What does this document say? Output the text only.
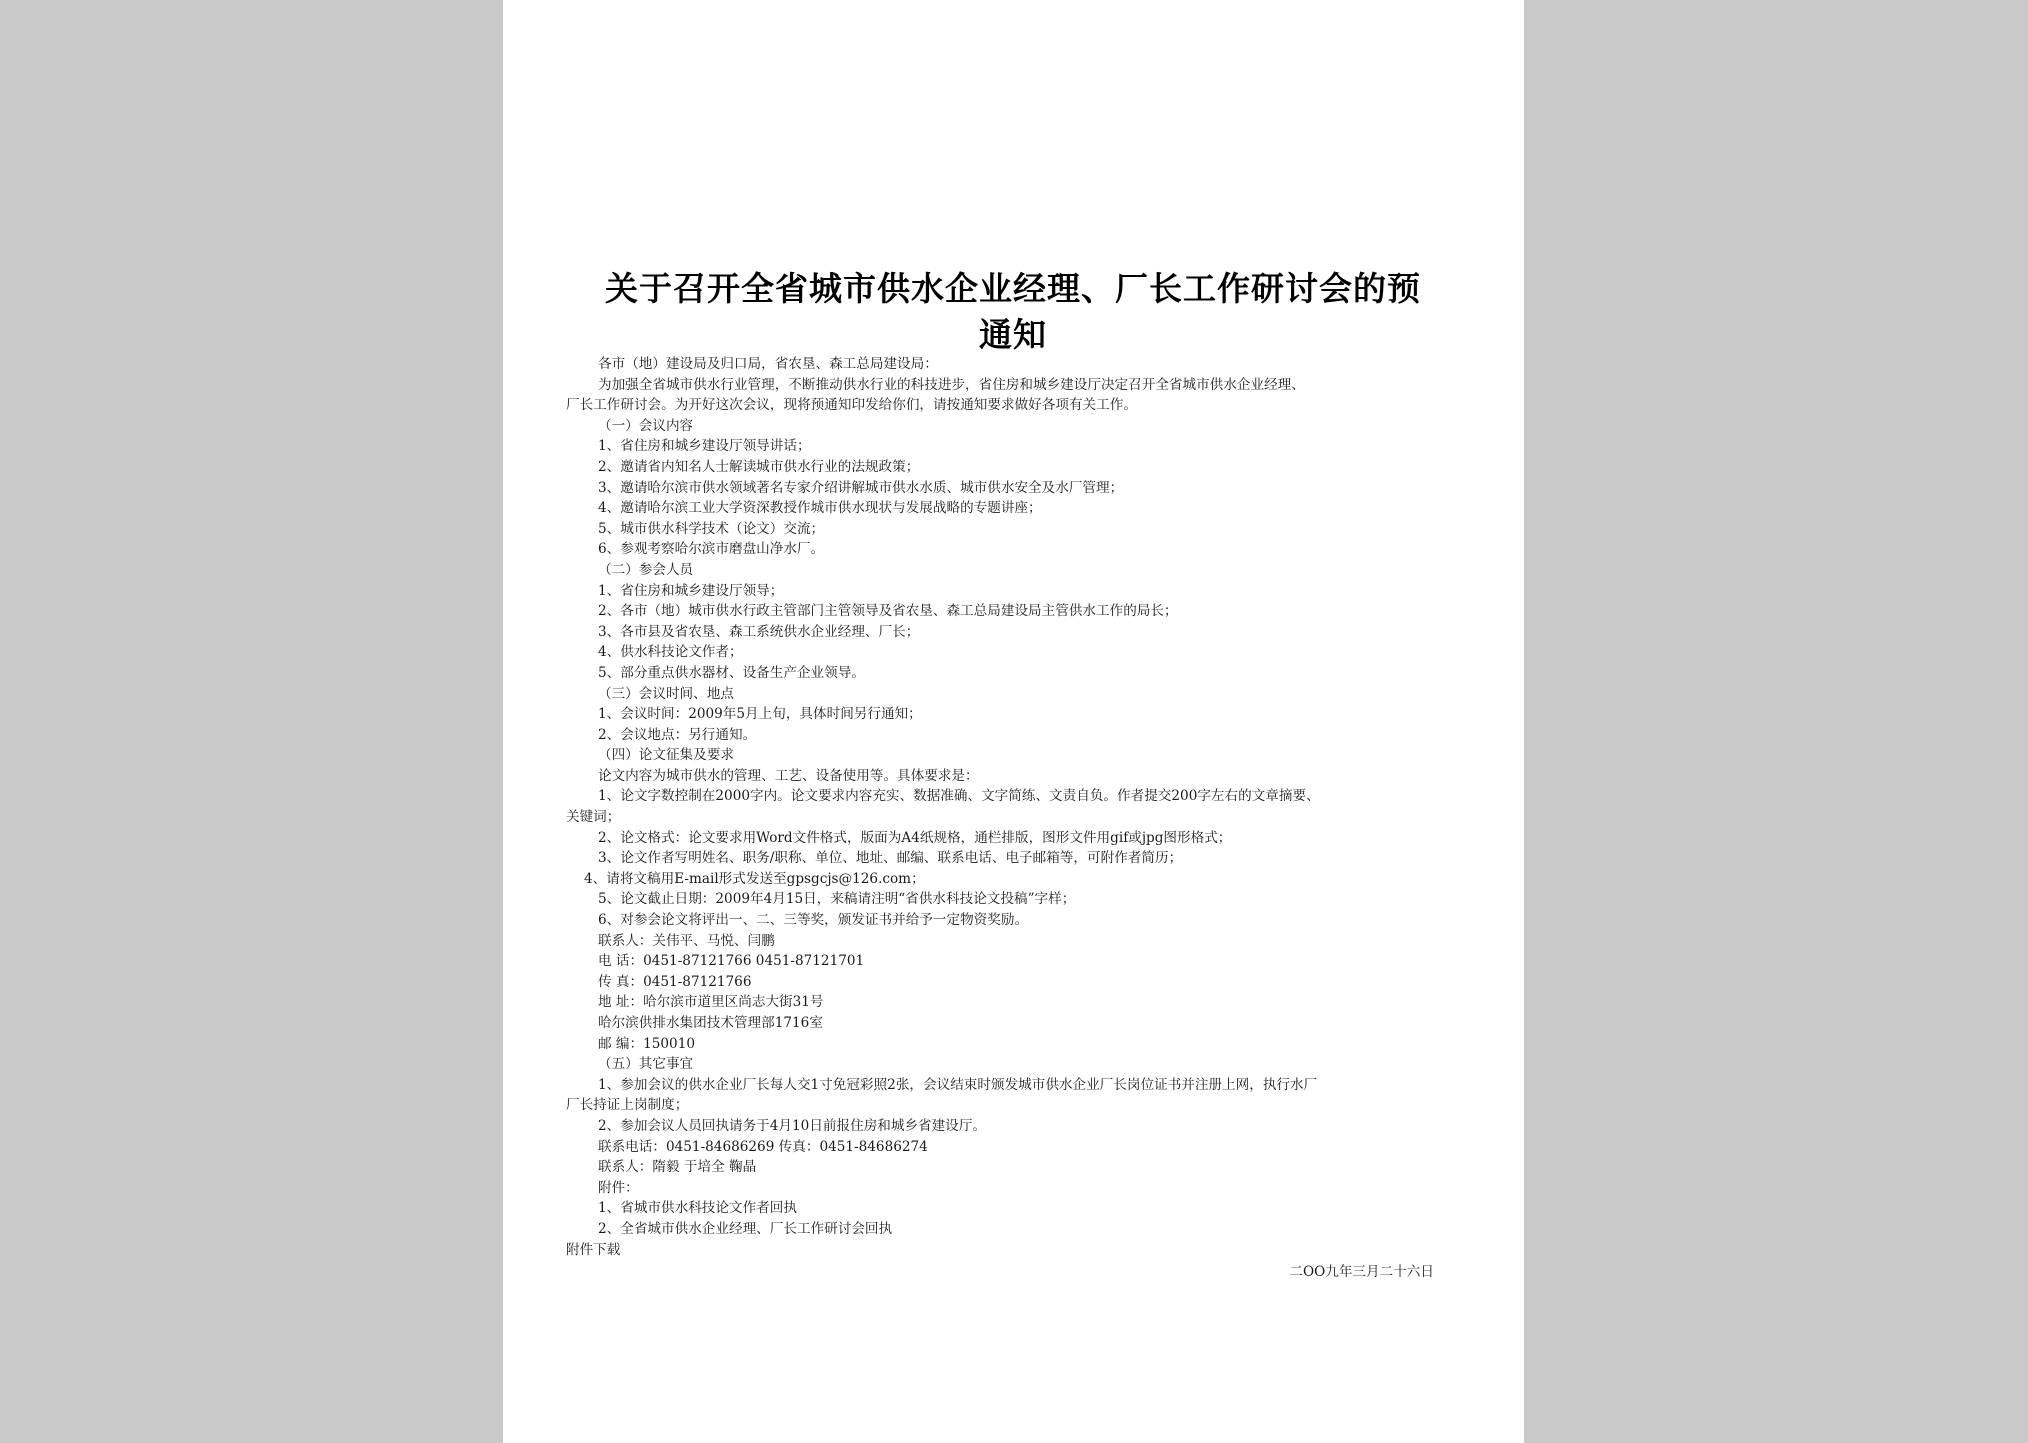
关于召开全省城市供水企业经理、厂长工作研讨会的预
通知
各市（地）建设局及归口局，省农垦、森工总局建设局：
为加强全省城市供水行业管理，不断推动供水行业的科技进步，省住房和城乡建设厅决定召开全省城市供水企业经理、
厂长工作研讨会。为开好这次会议，现将预通知印发给你们，请按通知要求做好各项有关工作。
（一）会议内容
1、省住房和城乡建设厅领导讲话；
2、邀请省内知名人士解读城市供水行业的法规政策；
3、邀请哈尔滨市供水领域著名专家介绍讲解城市供水水质、城市供水安全及水厂管理；
4、邀请哈尔滨工业大学资深教授作城市供水现状与发展战略的专题讲座；
5、城市供水科学技术（论文）交流；
6、参观考察哈尔滨市磨盘山净水厂。
（二）参会人员
1、省住房和城乡建设厅领导；
2、各市（地）城市供水行政主管部门主管领导及省农垦、森工总局建设局主管供水工作的局长；
3、各市县及省农垦、森工系统供水企业经理、厂长；
4、供水科技论文作者；
5、部分重点供水器材、设备生产企业领导。
（三）会议时间、地点
1、会议时间：2009年5月上旬，具体时间另行通知；
2、会议地点：另行通知。
（四）论文征集及要求
论文内容为城市供水的管理、工艺、设备使用等。具体要求是：
1、论文字数控制在2000字内。论文要求内容充实、数据准确、文字简练、文责自负。作者提交200字左右的文章摘要、
关键词；
2、论文格式：论文要求用Word文件格式，版面为A4纸规格，通栏排版，图形文件用gif或jpg图形格式；
3、论文作者写明姓名、职务/职称、单位、地址、邮编、联系电话、电子邮箱等，可附作者简历；
4、请将文稿用E-mail形式发送至gpsgcjs@126.com；
5、论文截止日期：2009年4月15日，来稿请注明“省供水科技论文投稿”字样；
6、对参会论文将评出一、二、三等奖，颁发证书并给予一定物资奖励。
联系人：关伟平、马悦、闫鹏
电 话：0451-87121766 0451-87121701
传 真：0451-87121766
地 址：哈尔滨市道里区尚志大街31号
哈尔滨供排水集团技术管理部1716室
邮 编：150010
（五）其它事宜
1、参加会议的供水企业厂长每人交1寸免冠彩照2张，会议结束时颁发城市供水企业厂长岗位证书并注册上网，执行水厂
厂长持证上岗制度；
2、参加会议人员回执请务于4月10日前报住房和城乡省建设厅。
联系电话：0451-84686269 传真：0451-84686274
联系人：隋毅 于培全 鞠晶
附件：
1、省城市供水科技论文作者回执
2、全省城市供水企业经理、厂长工作研讨会回执
附件下载
二OO九年三月二十六日
